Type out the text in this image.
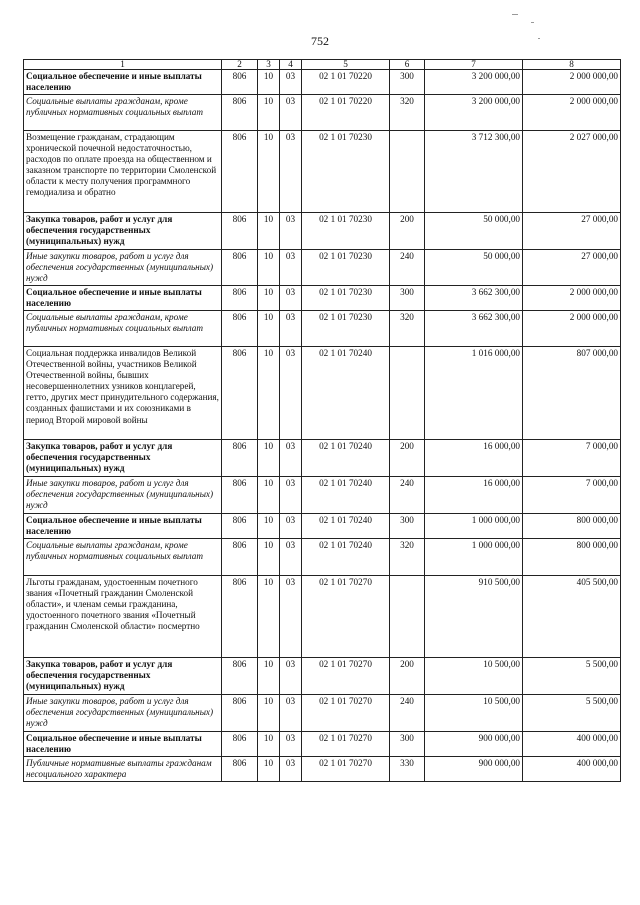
752
1	2	3	4	5	6	7	8
Социальное обеспечение и иные выплаты населению	806	10	03	02 1 01 70220	300	3 200 000,00	2 000 000,00
Социальные выплаты гражданам, кроме публичных нормативных социальных выплат	806	10	03	02 1 01 70220	320	3 200 000,00	2 000 000,00
Возмещение гражданам, страдающим хронической почечной недостаточностью, расходов по оплате проезда на общественном и заказном транспорте по территории Смоленской области к месту получения программного гемодиализа и обратно	806	10	03	02 1 01 70230		3 712 300,00	2 027 000,00
Закупка товаров, работ и услуг для обеспечения государственных (муниципальных) нужд	806	10	03	02 1 01 70230	200	50 000,00	27 000,00
Иные закупки товаров, работ и услуг для обеспечения государственных (муниципальных) нужд	806	10	03	02 1 01 70230	240	50 000,00	27 000,00
Социальное обеспечение и иные выплаты населению	806	10	03	02 1 01 70230	300	3 662 300,00	2 000 000,00
Социальные выплаты гражданам, кроме публичных нормативных социальных выплат	806	10	03	02 1 01 70230	320	3 662 300,00	2 000 000,00
Социальная поддержка инвалидов Великой Отечественной войны, участников Великой Отечественной войны, бывших несовершеннолетних узников концлагерей, гетто, других мест принудительного содержания, созданных фашистами и их союзниками в период Второй мировой войны	806	10	03	02 1 01 70240		1 016 000,00	807 000,00
Закупка товаров, работ и услуг для обеспечения государственных (муниципальных) нужд	806	10	03	02 1 01 70240	200	16 000,00	7 000,00
Иные закупки товаров, работ и услуг для обеспечения государственных (муниципальных) нужд	806	10	03	02 1 01 70240	240	16 000,00	7 000,00
Социальное обеспечение и иные выплаты населению	806	10	03	02 1 01 70240	300	1 000 000,00	800 000,00
Социальные выплаты гражданам, кроме публичных нормативных социальных выплат	806	10	03	02 1 01 70240	320	1 000 000,00	800 000,00
Льготы гражданам, удостоенным почетного звания «Почетный гражданин Смоленской области», и членам семьи гражданина, удостоенного почетного звания «Почетный гражданин Смоленской области» посмертно	806	10	03	02 1 01 70270		910 500,00	405 500,00
Закупка товаров, работ и услуг для обеспечения государственных (муниципальных) нужд	806	10	03	02 1 01 70270	200	10 500,00	5 500,00
Иные закупки товаров, работ и услуг для обеспечения государственных (муниципальных) нужд	806	10	03	02 1 01 70270	240	10 500,00	5 500,00
Социальное обеспечение и иные выплаты населению	806	10	03	02 1 01 70270	300	900 000,00	400 000,00
Публичные нормативные выплаты гражданам несоциального характера	806	10	03	02 1 01 70270	330	900 000,00	400 000,00
